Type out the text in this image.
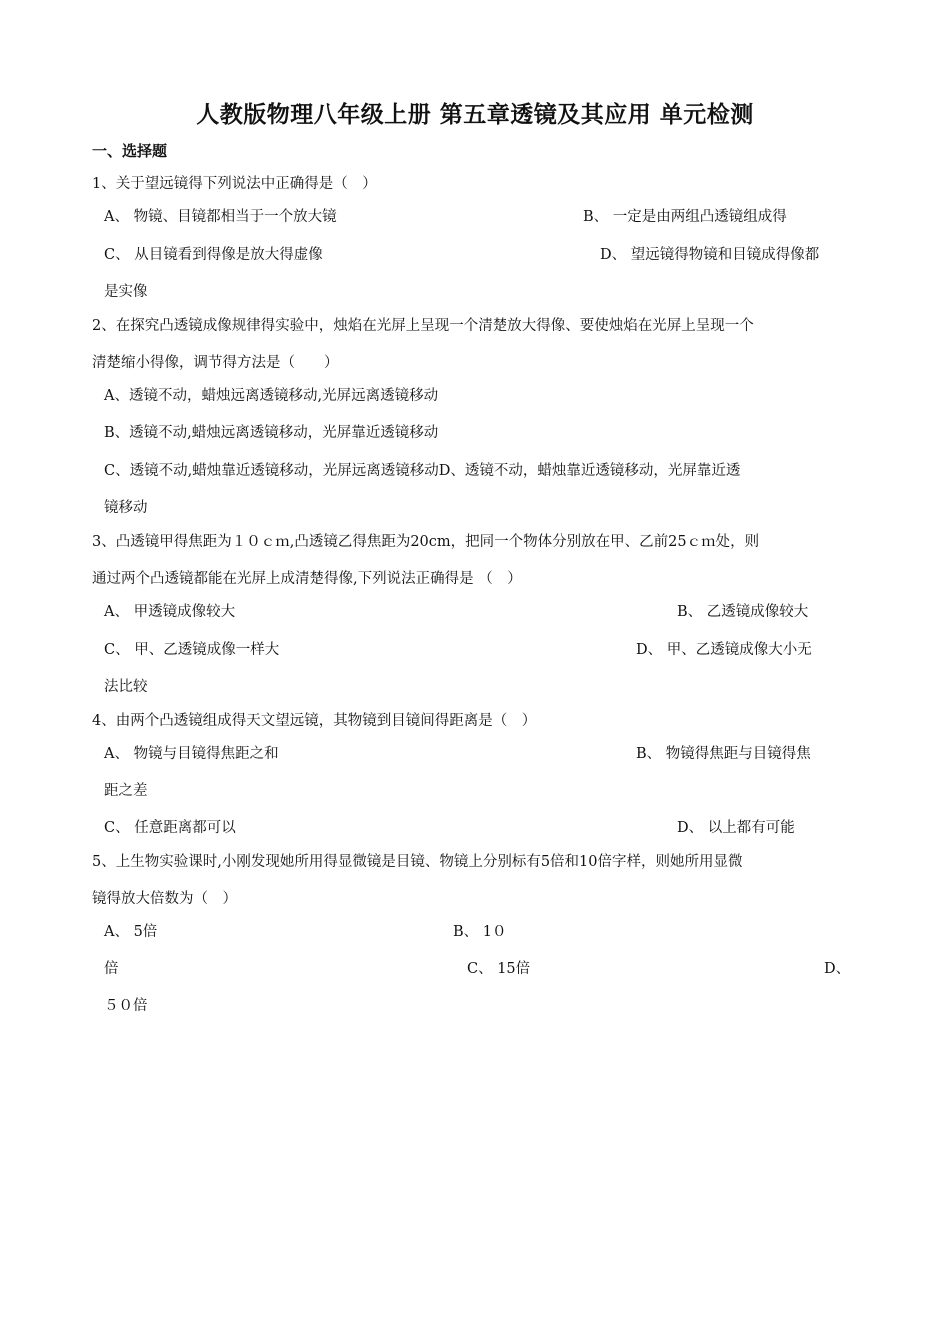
人教版物理八年级上册 第五章透镜及其应用 单元检测
一、选择题
1、关于望远镜得下列说法中正确得是（　）
A、 物镜、目镜都相当于一个放大镜	B、 一定是由两组凸透镜组成得
C、 从目镜看到得像是放大得虚像	D、 望远镜得物镜和目镜成得像都
是实像
2、在探究凸透镜成像规律得实验中，烛焰在光屏上呈现一个清楚放大得像、要使烛焰在光屏上呈现一个
清楚缩小得像，调节得方法是（　　）
A、透镜不动，蜡烛远离透镜移动,光屏远离透镜移动
B、透镜不动,蜡烛远离透镜移动，光屏靠近透镜移动
C、透镜不动,蜡烛靠近透镜移动，光屏远离透镜移动D、透镜不动，蜡烛靠近透镜移动，光屏靠近透
镜移动
3、凸透镜甲得焦距为１０ｃｍ,凸透镜乙得焦距为20cm，把同一个物体分别放在甲、乙前25ｃｍ处，则
通过两个凸透镜都能在光屏上成清楚得像,下列说法正确得是 （　）
A、 甲透镜成像较大	B、 乙透镜成像较大
C、 甲、乙透镜成像一样大	D、 甲、乙透镜成像大小无
法比较
4、由两个凸透镜组成得天文望远镜，其物镜到目镜间得距离是（　）
A、 物镜与目镜得焦距之和	B、 物镜得焦距与目镜得焦
距之差
C、 任意距离都可以	D、 以上都有可能
5、上生物实验课时,小刚发现她所用得显微镜是目镜、物镜上分别标有5倍和10倍字样，则她所用显微
镜得放大倍数为（　）
A、 5倍	B、 1０
倍	C、 15倍	D、
５０倍
